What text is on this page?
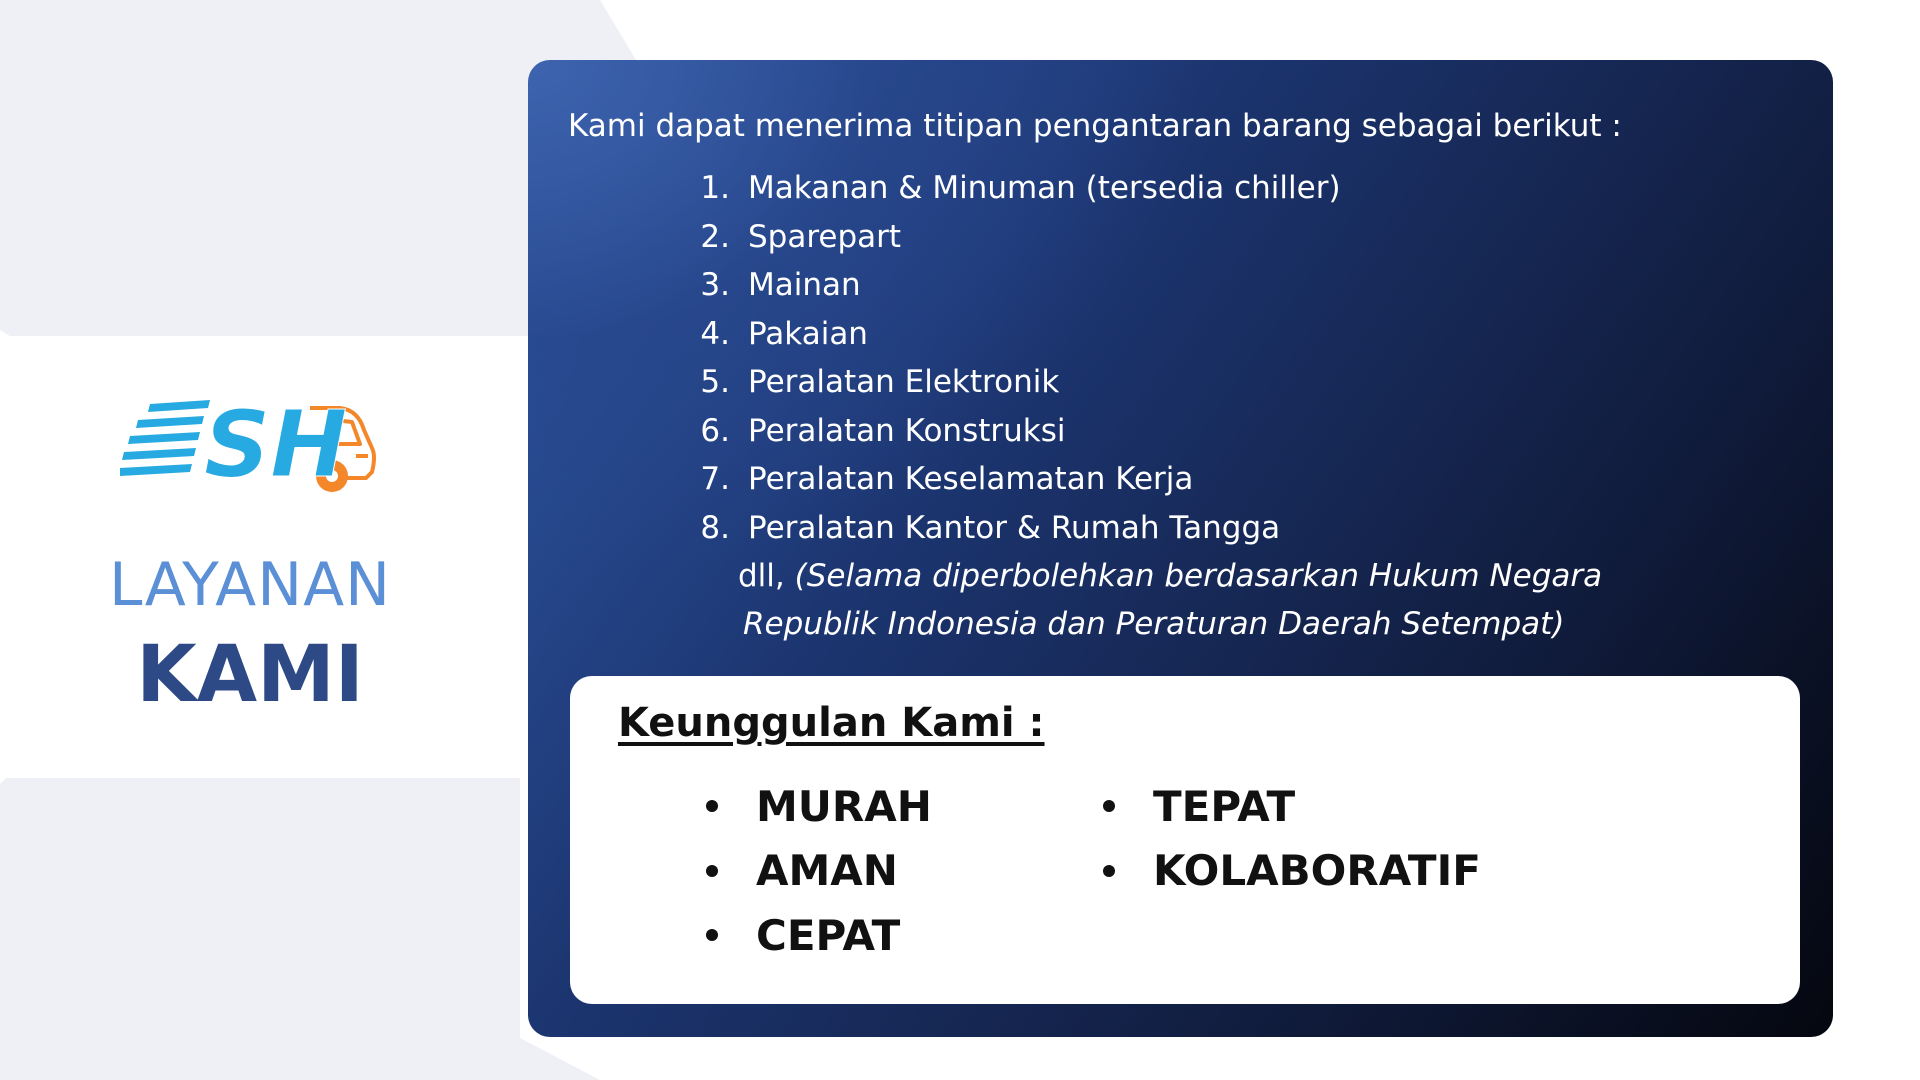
SH
LAYANAN
KAMI
Kami dapat menerima titipan pengantaran barang sebagai berikut :
1. Makanan & Minuman (tersedia chiller)
2. Sparepart
3. Mainan
4. Pakaian
5. Peralatan Elektronik
6. Peralatan Konstruksi
7. Peralatan Keselamatan Kerja
8. Peralatan Kantor & Rumah Tangga
dll, (Selama diperbolehkan berdasarkan Hukum Negara
Republik Indonesia dan Peraturan Daerah Setempat)
Keunggulan Kami :
MURAH
AMAN
CEPAT
TEPAT
KOLABORATIF
